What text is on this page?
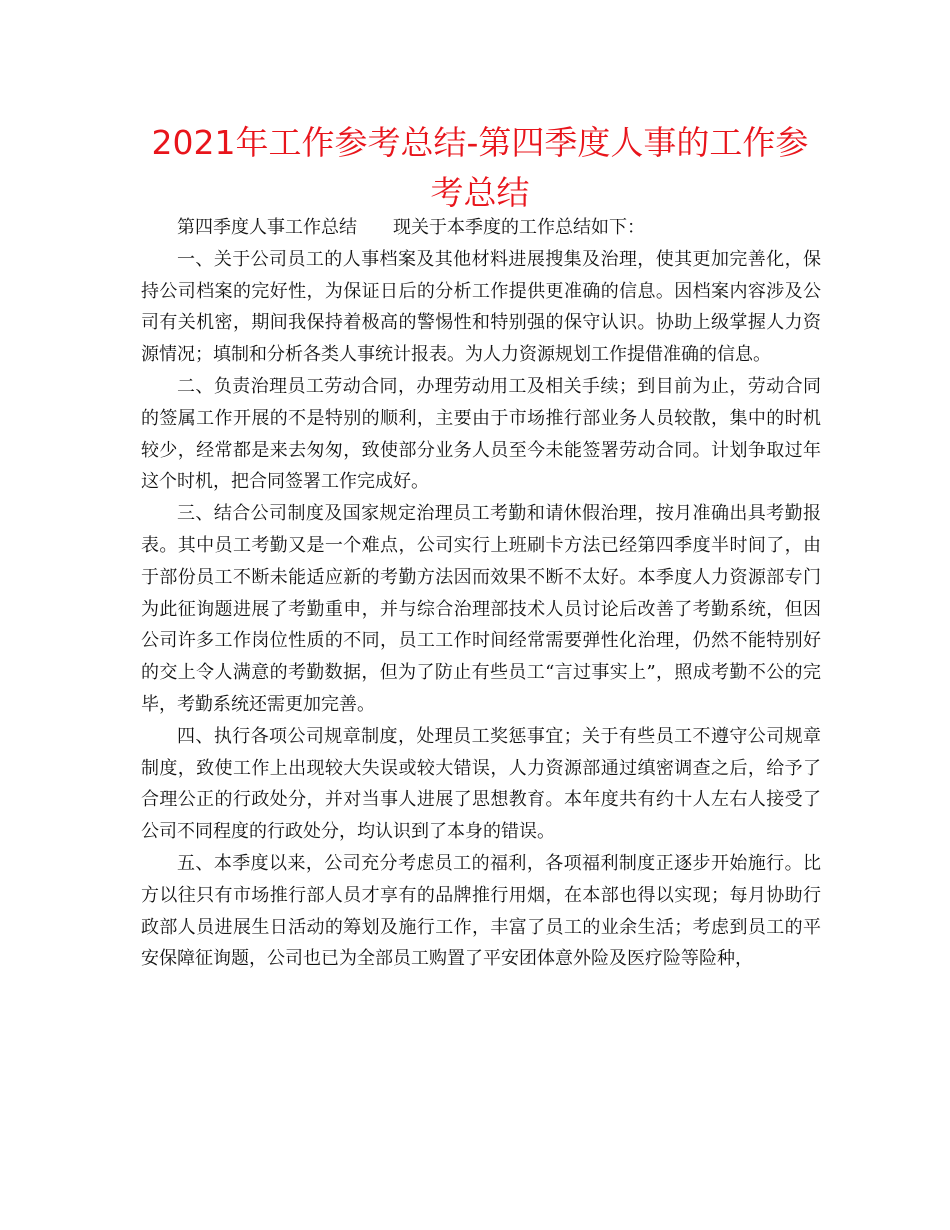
2021年工作参考总结-第四季度人事的工作参考总结

第四季度人事工作总结　　现关于本季度的工作总结如下：

一、关于公司员工的人事档案及其他材料进展搜集及治理，使其更加完善化，保持公司档案的完好性，为保证日后的分析工作提供更准确的信息。因档案内容涉及公司有关机密，期间我保持着极高的警惕性和特别强的保守认识。协助上级掌握人力资源情况；填制和分析各类人事统计报表。为人力资源规划工作提借准确的信息。

二、负责治理员工劳动合同，办理劳动用工及相关手续；到目前为止，劳动合同的签属工作开展的不是特别的顺利，主要由于市场推行部业务人员较散，集中的时机较少，经常都是来去匆匆，致使部分业务人员至今未能签署劳动合同。计划争取过年这个时机，把合同签署工作完成好。

三、结合公司制度及国家规定治理员工考勤和请休假治理，按月准确出具考勤报表。其中员工考勤又是一个难点，公司实行上班刷卡方法已经第四季度半时间了，由于部份员工不断未能适应新的考勤方法因而效果不断不太好。本季度人力资源部专门为此征询题进展了考勤重申，并与综合治理部技术人员讨论后改善了考勤系统，但因公司许多工作岗位性质的不同，员工工作时间经常需要弹性化治理，仍然不能特别好的交上令人满意的考勤数据，但为了防止有些员工“言过事实上”，照成考勤不公的完毕，考勤系统还需更加完善。

四、执行各项公司规章制度，处理员工奖惩事宜；关于有些员工不遵守公司规章制度，致使工作上出现较大失误或较大错误，人力资源部通过缜密调查之后，给予了合理公正的行政处分，并对当事人进展了思想教育。本年度共有约十人左右人接受了公司不同程度的行政处分，均认识到了本身的错误。

五、本季度以来，公司充分考虑员工的福利，各项福利制度正逐步开始施行。比方以往只有市场推行部人员才享有的品牌推行用烟，在本部也得以实现；每月协助行政部人员进展生日活动的筹划及施行工作，丰富了员工的业余生活；考虑到员工的平安保障征询题，公司也已为全部员工购置了平安团体意外险及医疗险等险种，
